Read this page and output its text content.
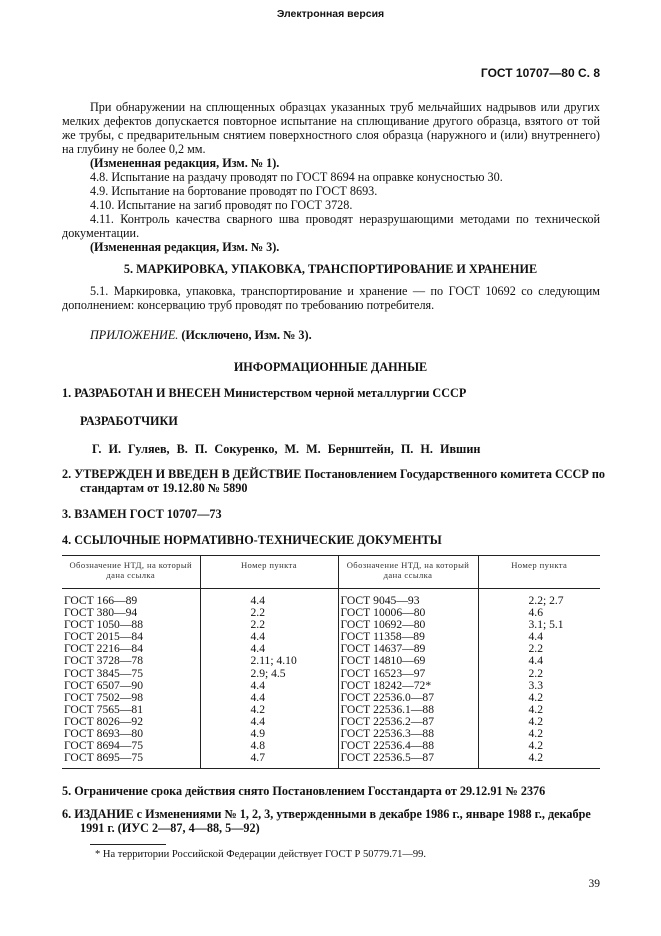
Электронная версия
ГОСТ 10707—80 С. 8
При обнаружении на сплющенных образцах указанных труб мельчайших надрывов или других мелких дефектов допускается повторное испытание на сплющивание другого образца, взятого от той же трубы, с предварительным снятием поверхностного слоя образца (наружного и (или) внутреннего) на глубину не более 0,2 мм.
(Измененная редакция, Изм. № 1).
4.8. Испытание на раздачу проводят по ГОСТ 8694 на оправке конусностью 30.
4.9. Испытание на бортование проводят по ГОСТ 8693.
4.10. Испытание на загиб проводят по ГОСТ 3728.
4.11. Контроль качества сварного шва проводят неразрушающими методами по технической документации.
(Измененная редакция, Изм. № 3).
5. МАРКИРОВКА, УПАКОВКА, ТРАНСПОРТИРОВАНИЕ И ХРАНЕНИЕ
5.1. Маркировка, упаковка, транспортирование и хранение — по ГОСТ 10692 со следующим дополнением: консервацию труб проводят по требованию потребителя.
ПРИЛОЖЕНИЕ. (Исключено, Изм. № 3).
ИНФОРМАЦИОННЫЕ ДАННЫЕ
1. РАЗРАБОТАН И ВНЕСЕН Министерством черной металлургии СССР
РАЗРАБОТЧИКИ
Г. И. Гуляев, В. П. Сокуренко, М. М. Бернштейн, П. Н. Ившин
2. УТВЕРЖДЕН И ВВЕДЕН В ДЕЙСТВИЕ Постановлением Государственного комитета СССР по
стандартам от 19.12.80 № 5890
3. ВЗАМЕН ГОСТ 10707—73
4. ССЫЛОЧНЫЕ НОРМАТИВНО-ТЕХНИЧЕСКИЕ ДОКУМЕНТЫ
Обозначение НТД, на который дана ссылка	Номер пункта	Обозначение НТД, на который дана ссылка	Номер пункта
ГОСТ 166—89	4.4	ГОСТ 9045—93	2.2; 2.7
ГОСТ 380—94	2.2	ГОСТ 10006—80	4.6
ГОСТ 1050—88	2.2	ГОСТ 10692—80	3.1; 5.1
ГОСТ 2015—84	4.4	ГОСТ 11358—89	4.4
ГОСТ 2216—84	4.4	ГОСТ 14637—89	2.2
ГОСТ 3728—78	2.11; 4.10	ГОСТ 14810—69	4.4
ГОСТ 3845—75	2.9; 4.5	ГОСТ 16523—97	2.2
ГОСТ 6507—90	4.4	ГОСТ 18242—72*	3.3
ГОСТ 7502—98	4.4	ГОСТ 22536.0—87	4.2
ГОСТ 7565—81	4.2	ГОСТ 22536.1—88	4.2
ГОСТ 8026—92	4.4	ГОСТ 22536.2—87	4.2
ГОСТ 8693—80	4.9	ГОСТ 22536.3—88	4.2
ГОСТ 8694—75	4.8	ГОСТ 22536.4—88	4.2
ГОСТ 8695—75	4.7	ГОСТ 22536.5—87	4.2
5. Ограничение срока действия снято Постановлением Госстандарта от 29.12.91 № 2376
* На территории Российской Федерации действует ГОСТ Р 50779.71—99.
39
6. ИЗДАНИЕ с Изменениями № 1, 2, 3, утвержденными в декабре 1986 г., январе 1988 г., декабре
1991 г. (ИУС 2—87, 4—88, 5—92)
